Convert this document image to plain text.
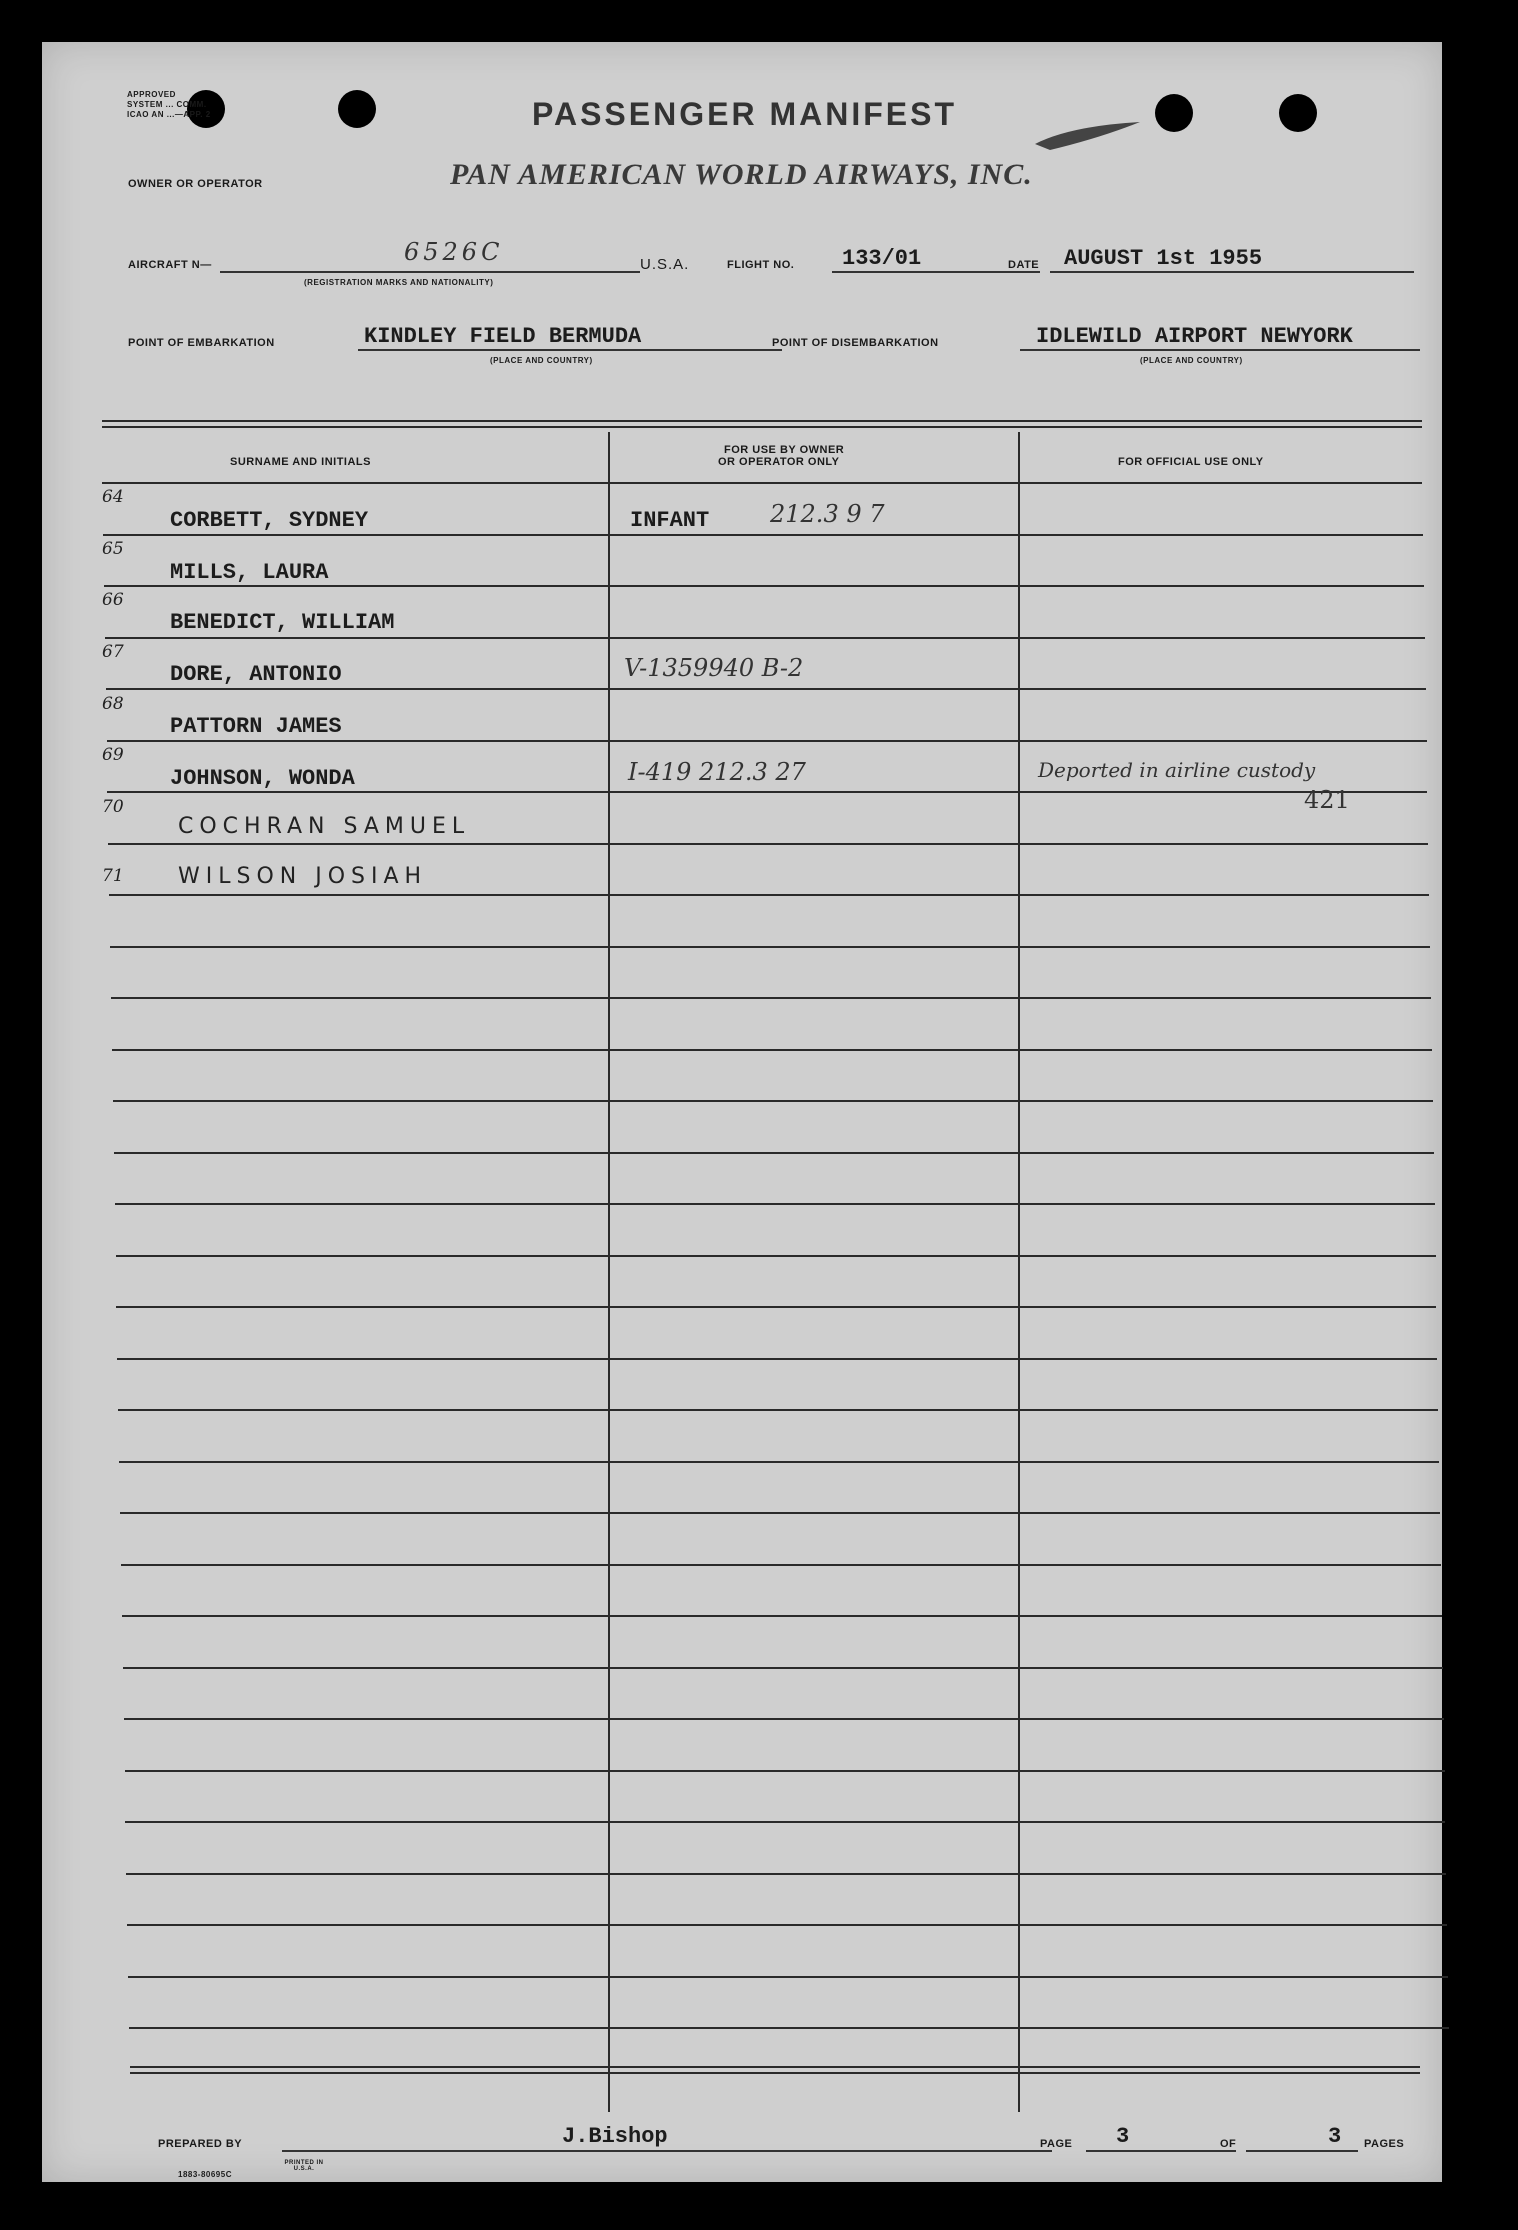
APPROVED
SYSTEM ... COMM.
ICAO AN ...—APP. 2	PASSENGER MANIFEST
OWNER OR OPERATOR	PAN AMERICAN WORLD AIRWAYS, INC.
AIRCRAFT N—	6526C
(REGISTRATION MARKS AND NATIONALITY)
U.S.A.	FLIGHT NO. 133/01	DATE AUGUST 1st 1955
POINT OF EMBARKATION	KINDLEY FIELD BERMUDA
(PLACE AND COUNTRY)
POINT OF DISEMBARKATION	IDLEWILD AIRPORT NEWYORK
(PLACE AND COUNTRY)
SURNAME AND INITIALS
FOR USE BY OWNER
OR OPERATOR ONLY	FOR OFFICIAL USE ONLY
64
CORBETT, SYDNEY	INFANT	212.3 9 7
65
MILLS, LAURA
66
BENEDICT, WILLIAM
67
DORE, ANTONIO	V-1359940 B-2
68
PATTORN JAMES
69
JOHNSON, WONDA	I-419 212.3 27	Deported in airline custody
421
70
COCHRAN SAMUEL
71 WILSON JOSIAH
PREPARED BY	J.Bishop	PAGE 3	OF	3 PAGES
1883-80695C
PRINTED IN U.S.A.
